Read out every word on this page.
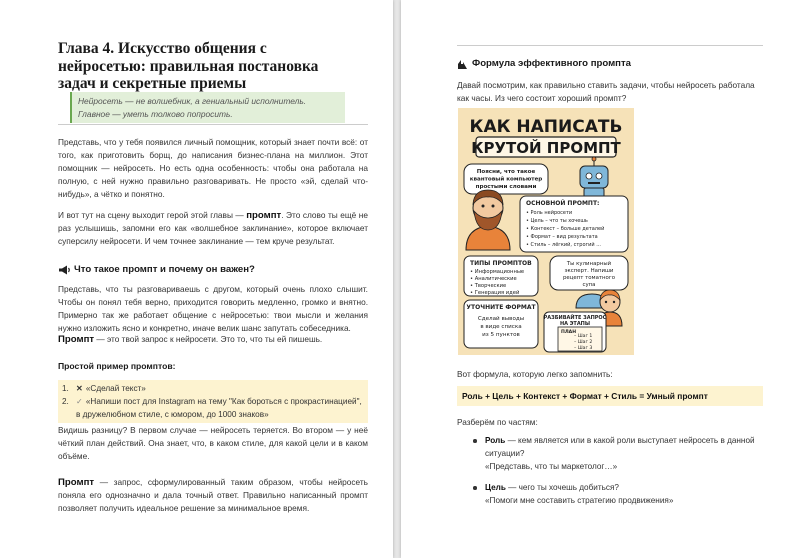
Глава 4. Искусство общения с нейросетью: правильная постановка задач и секретные приемы
Нейросеть — не волшебник, а гениальный исполнитель. Главное — уметь толково попросить.
Представь, что у тебя появился личный помощник, который знает почти всё: от того, как приготовить борщ, до написания бизнес-плана на миллион. Этот помощник — нейросеть. Но есть одна особенность: чтобы она работала на полную, с ней нужно правильно разговаривать. Не просто «эй, сделай что-нибудь», а чётко и понятно.
И вот тут на сцену выходит герой этой главы — промпт. Это слово ты ещё не раз услышишь, запомни его как «волшебное заклинание», которое включает суперсилу нейросети. И чем точнее заклинание — тем круче результат.
Что такое промпт и почему он важен?
Представь, что ты разговариваешь с другом, который очень плохо слышит. Чтобы он понял тебя верно, приходится говорить медленно, громко и внятно. Примерно так же работает общение с нейросетью: твои мысли и желания нужно изложить ясно и конкретно, иначе велик шанс запутать собеседника.
Промпт — это твой запрос к нейросети. Это то, что ты ей пишешь.
Простой пример промптов:
1. ✕ «Сделай текст»
2. ✓ «Напиши пост для Instagram на тему "Как бороться с прокрастинацией", в дружелюбном стиле, с юмором, до 1000 знаков»
Видишь разницу? В первом случае — нейросеть теряется. Во втором — у неё чёткий план действий. Она знает, что, в каком стиле, для какой цели и в каком объёме.
Промпт — запрос, сформулированный таким образом, чтобы нейросеть поняла его однозначно и дала точный ответ. Правильно написанный промпт позволяет получить идеальное решение за минимальное время.
Формула эффективного промпта
Давай посмотрим, как правильно ставить задачи, чтобы нейросеть работала как часы. Из чего состоит хороший промпт?
КАК НАПИСАТЬ
КРУТОЙ ПРОМПТ
Поясни, что такое
квантовый компьютер
простыми словами
ОСНОВНОЙ ПРОМПТ:
• Роль нейросети
• Цель – что ты хочешь
• Контекст – больше деталей
• Формат – вид результата
• Стиль – лёгкий, строгий ...
ТИПЫ ПРОМПТОВ
• Информационные
• Аналитические
• Творческие
• Генерация идей
Ты кулинарный
эксперт. Напиши
рецепт томатного
супа
УТОЧНИТЕ ФОРМАТ
Сделай выводы
в виде списка
из 5 пунктов
РАЗБИВАЙТЕ ЗАПРОС
НА ЭТАПЫ
ПЛАН
– Шаг 1
– Шаг 2
– Шаг 3
Вот формула, которую легко запомнить:
Роль + Цель + Контекст + Формат + Стиль = Умный промпт
Разберём по частям:
Роль — кем является или в какой роли выступает нейросеть в данной ситуации?
«Представь, что ты маркетолог…»
Цель — чего ты хочешь добиться?
«Помоги мне составить стратегию продвижения»
